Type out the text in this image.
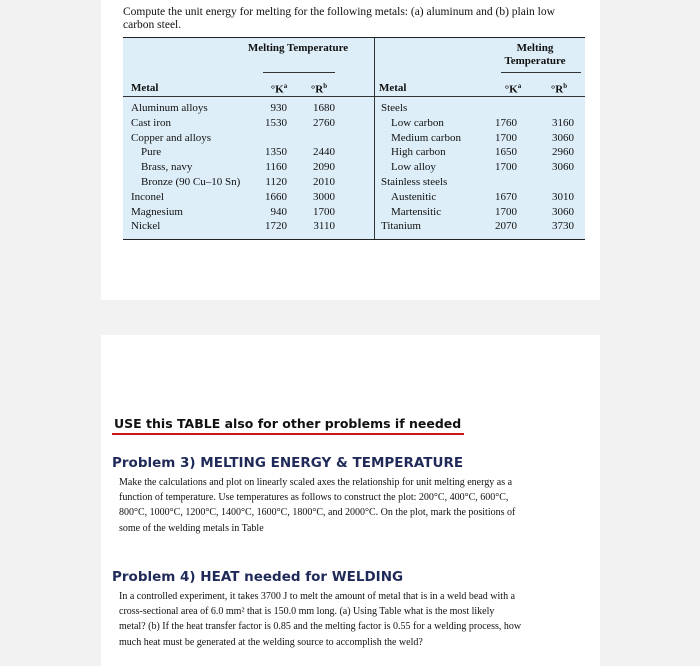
Compute the unit energy for melting for the following metals: (a) aluminum and (b) plain low carbon steel.
Melting Temperature	Melting Temperature
Metal	$^\circ K^a$	$^\circ R^b$	Metal	$^\circ K^a$	$^\circ R^b$
Aluminum alloys	930	1680
Cast iron	1530	2760
Copper and alloys
Pure	1350	2440
Brass, navy	1160	2090
Bronze (90 Cu–10 Sn)	1120	2010
Inconel	1660	3000
Magnesium	940	1700
Nickel	1720	3110
Steels
Low carbon	1760	3160
Medium carbon	1700	3060
High carbon	1650	2960
Low alloy	1700	3060
Stainless steels
Austenitic	1670	3010
Martensitic	1700	3060
Titanium	2070	3730
USE this TABLE also for other problems if needed
Problem 3) MELTING ENERGY & TEMPERATURE
Make the calculations and plot on linearly scaled axes the relationship for unit melting energy as a
function of temperature. Use temperatures as follows to construct the plot: 200°C, 400°C, 600°C,
800°C, 1000°C, 1200°C, 1400°C, 1600°C, 1800°C, and 2000°C. On the plot, mark the positions of
some of the welding metals in Table
Problem 4) HEAT needed for WELDING
In a controlled experiment, it takes 3700 J to melt the amount of metal that is in a weld bead with a
cross-sectional area of 6.0 mm² that is 150.0 mm long. (a) Using Table what is the most likely
metal? (b) If the heat transfer factor is 0.85 and the melting factor is 0.55 for a welding process, how
much heat must be generated at the welding source to accomplish the weld?
